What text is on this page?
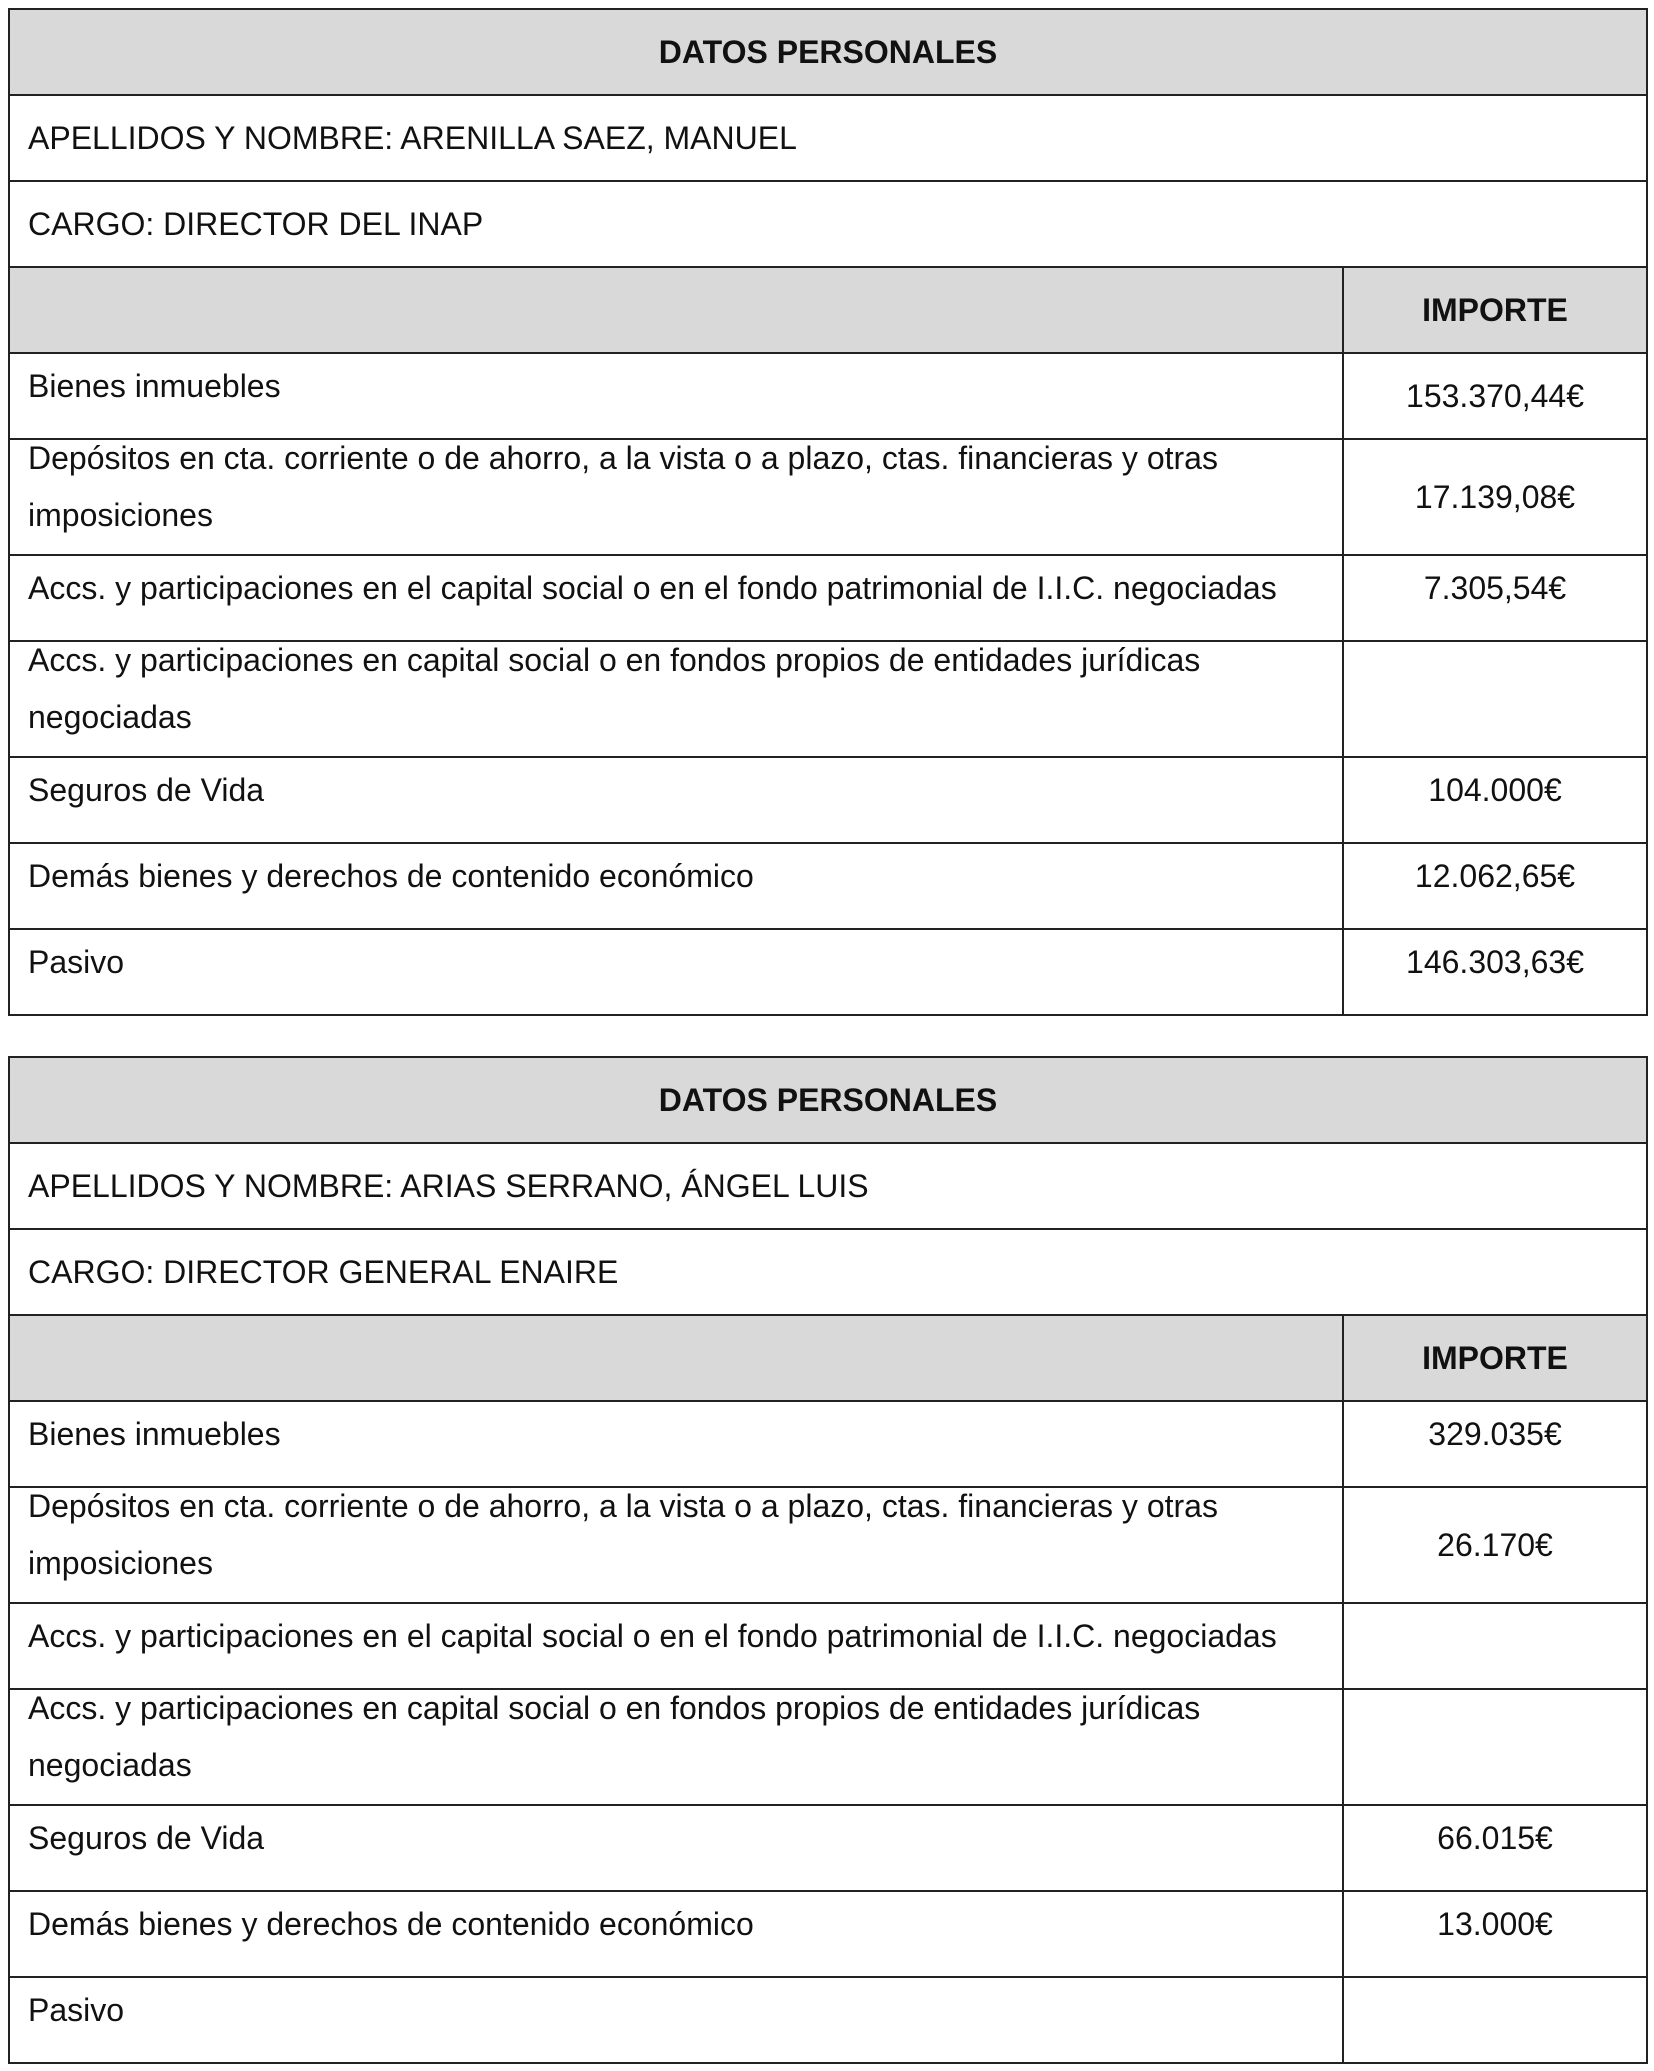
DATOS PERSONALES	
APELLIDOS Y NOMBRE: ARENILLA SAEZ, MANUEL	
CARGO: DIRECTOR DEL INAP	
	IMPORTE

Bienes inmuebles	153.370,44€

Depósitos en cta. corriente o de ahorro, a la vista o a plazo, ctas. financieras y otras imposiciones	17.139,08€

Accs. y participaciones en el capital social o en el fondo patrimonial de I.I.C. negociadas	7.305,54€

Accs. y participaciones en capital social o en fondos propios de entidades jurídicas negociadas	

Seguros de Vida	104.000€

Demás bienes y derechos de contenido económico	12.062,65€

Pasivo	146.303,63€
DATOS PERSONALES	
APELLIDOS Y NOMBRE: ARIAS SERRANO, ÁNGEL LUIS	
CARGO: DIRECTOR GENERAL ENAIRE	
	IMPORTE

Bienes inmuebles	329.035€

Depósitos en cta. corriente o de ahorro, a la vista o a plazo, ctas. financieras y otras imposiciones	26.170€

Accs. y participaciones en el capital social o en el fondo patrimonial de I.I.C. negociadas	

Accs. y participaciones en capital social o en fondos propios de entidades jurídicas negociadas	

Seguros de Vida	66.015€

Demás bienes y derechos de contenido económico	13.000€

Pasivo	
